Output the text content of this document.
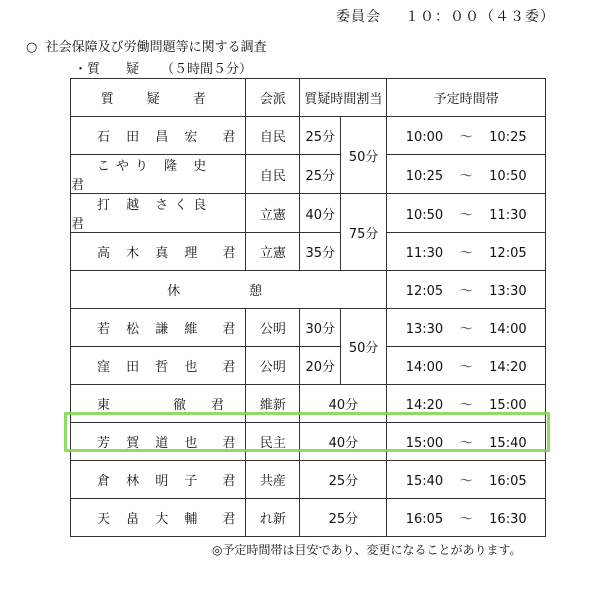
委員会 １０：００（４３委）
○ 社会保障及び労働問題等に関する調査
・質　　疑 （５時間５分）
質　疑　者	会派	質疑時間割当		予定時間帯
石 田 昌 宏　君	自民	25分	50分	10:00 〜 10:25
こやり 隆 史　君	自民	25分		10:25 〜 10:50
打 越 さく良　君	立憲	40分	75分	10:50 〜 11:30
高 木 真 理　君	立憲	35分		11:30 〜 12:05
休　憩				12:05 〜 13:30
若 松 謙 維　君	公明	30分	50分	13:30 〜 14:00
窪 田 哲 也　君	公明	20分		14:00 〜 14:20
東　　　徹　君	維新	40分		14:20 〜 15:00
芳 賀 道 也　君	民主	40分		15:00 〜 15:40
倉 林 明 子　君	共産	25分		15:40 〜 16:05
天 畠 大 輔　君	れ新	25分		16:05 〜 16:30
◎予定時間帯は目安であり、変更になることがあります。
